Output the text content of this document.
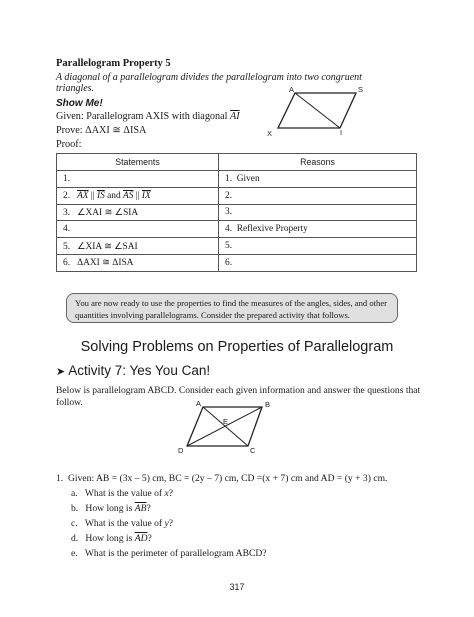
Parallelogram Property 5
A diagonal of a parallelogram divides the parallelogram into two congruent triangles.
Show Me!
Given: Parallelogram AXIS with diagonal $\overline{AI}$
Prove: ΔAXI ≅ ΔISA
Proof:
A	S
X	I
Statements	Reasons
1.	1. Given
2. $\overline{AX}$ || $\overline{IS}$ and $\overline{AS}$ || $\overline{IX}$	2.
3. ∠XAI ≅ ∠SIA	3.
4.	4. Reflexive Property
5. ∠XIA ≅ ∠SAI	5.
6. ΔAXI ≅ ΔISA	6.
You are now ready to use the properties to find the measures of the angles, sides, and other quantities involving parallelograms. Consider the prepared activity that follows.
Solving Problems on Properties of Parallelogram
➤ Activity 7: Yes You Can!
Below is parallelogram ABCD. Consider each given information and answer the questions that follow.	A	B
E
D	C
1. Given: AB = (3x – 5) cm, BC = (2y – 7) cm, CD =(x + 7) cm and AD = (y + 3) cm.
a. What is the value of x?
b. How long is $\overline{AB}$?
c. What is the value of y?
d. How long is $\overline{AD}$?
e. What is the perimeter of parallelogram ABCD?
317
